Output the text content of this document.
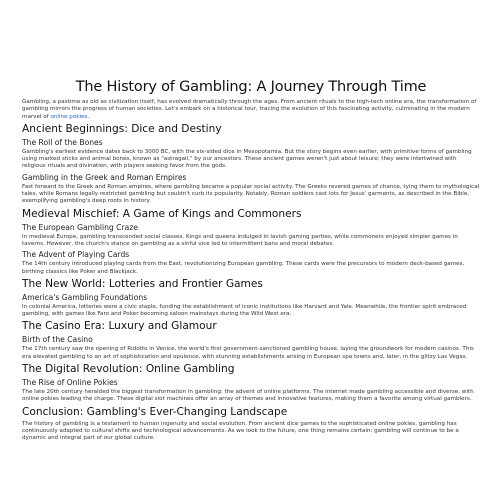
The History of Gambling: A Journey Through Time

Gambling, a pastime as old as civilization itself, has evolved dramatically through the ages. From ancient rituals to the high-tech online era, the transformation of gambling mirrors the progress of human societies. Let's embark on a historical tour, tracing the evolution of this fascinating activity, culminating in the modern marvel of online pokies.

Ancient Beginnings: Dice and Destiny
The Roll of the Bones

Gambling's earliest evidence dates back to 3000 BC, with the six-sided dice in Mesopotamia. But the story begins even earlier, with primitive forms of gambling using marked sticks and animal bones, known as "astragali," by our ancestors. These ancient games weren't just about leisure; they were intertwined with religious rituals and divination, with players seeking favor from the gods.

Gambling in the Greek and Roman Empires

Fast forward to the Greek and Roman empires, where gambling became a popular social activity. The Greeks revered games of chance, tying them to mythological tales, while Romans legally restricted gambling but couldn't curb its popularity. Notably, Roman soldiers cast lots for Jesus' garments, as described in the Bible, exemplifying gambling's deep roots in history.

Medieval Mischief: A Game of Kings and Commoners
The European Gambling Craze

In medieval Europe, gambling transcended social classes. Kings and queens indulged in lavish gaming parties, while commoners enjoyed simpler games in taverns. However, the church's stance on gambling as a sinful vice led to intermittent bans and moral debates.

The Advent of Playing Cards

The 14th century introduced playing cards from the East, revolutionizing European gambling. These cards were the precursors to modern deck-based games, birthing classics like Poker and Blackjack.

The New World: Lotteries and Frontier Games
America's Gambling Foundations

In colonial America, lotteries were a civic staple, funding the establishment of iconic institutions like Harvard and Yale. Meanwhile, the frontier spirit embraced gambling, with games like Faro and Poker becoming saloon mainstays during the Wild West era.

The Casino Era: Luxury and Glamour
Birth of the Casino

The 17th century saw the opening of Ridotto in Venice, the world's first government-sanctioned gambling house, laying the groundwork for modern casinos. This era elevated gambling to an art of sophistication and opulence, with stunning establishments arising in European spa towns and, later, in the glitzy Las Vegas.

The Digital Revolution: Online Gambling
The Rise of Online Pokies

The late 20th century heralded the biggest transformation in gambling: the advent of online platforms. The internet made gambling accessible and diverse, with online pokies leading the charge. These digital slot machines offer an array of themes and innovative features, making them a favorite among virtual gamblers.

Conclusion: Gambling's Ever-Changing Landscape

The history of gambling is a testament to human ingenuity and social evolution. From ancient dice games to the sophisticated online pokies, gambling has continuously adapted to cultural shifts and technological advancements. As we look to the future, one thing remains certain: gambling will continue to be a dynamic and integral part of our global culture.
